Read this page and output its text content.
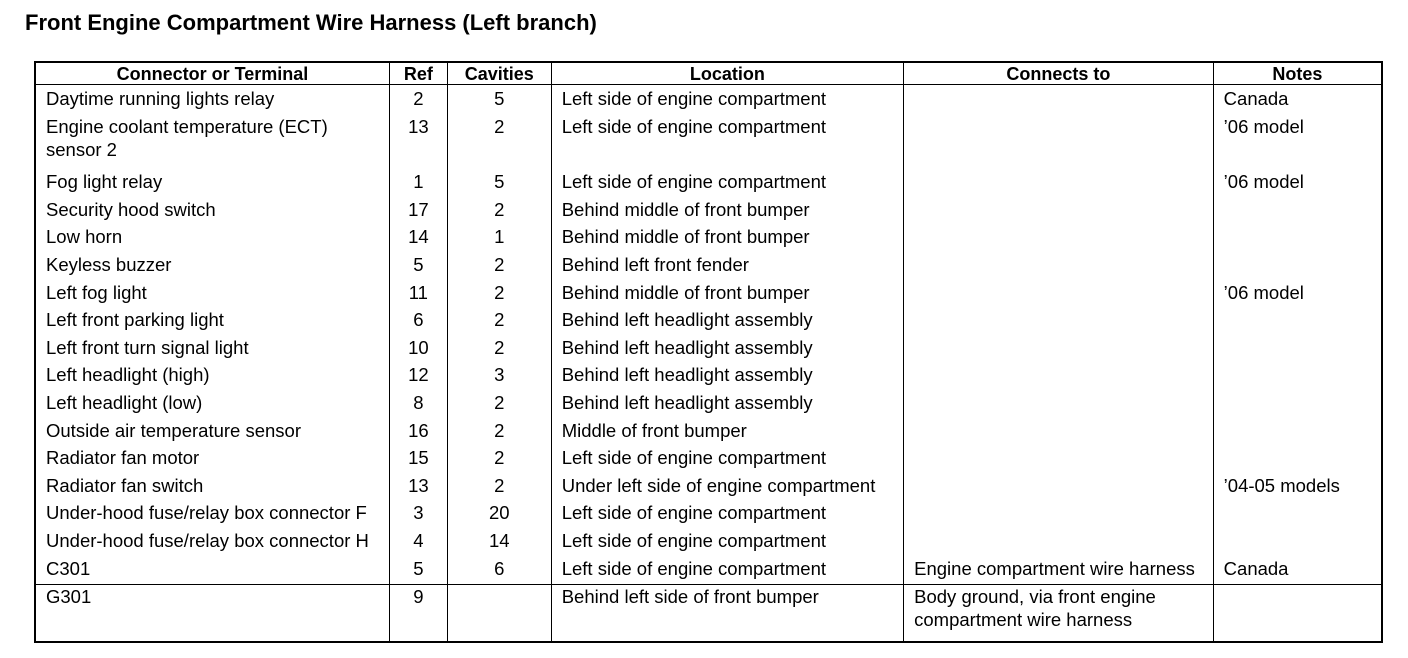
Front Engine Compartment Wire Harness (Left branch)
Connector or Terminal	Ref	Cavities	Location	Connects to	Notes
Daytime running lights relay	2	5	Left side of engine compartment		Canada
Engine coolant temperature (ECT) sensor 2	13	2	Left side of engine compartment		’06 model
Fog light relay	1	5	Left side of engine compartment		’06 model
Security hood switch	17	2	Behind middle of front bumper		
Low horn	14	1	Behind middle of front bumper		
Keyless buzzer	5	2	Behind left front fender		
Left fog light	11	2	Behind middle of front bumper		’06 model
Left front parking light	6	2	Behind left headlight assembly		
Left front turn signal light	10	2	Behind left headlight assembly		
Left headlight (high)	12	3	Behind left headlight assembly		
Left headlight (low)	8	2	Behind left headlight assembly		
Outside air temperature sensor	16	2	Middle of front bumper		
Radiator fan motor	15	2	Left side of engine compartment		
Radiator fan switch	13	2	Under left side of engine compartment		’04-05 models
Under-hood fuse/relay box connector F	3	20	Left side of engine compartment		
Under-hood fuse/relay box connector H	4	14	Left side of engine compartment		
C301	5	6	Left side of engine compartment	Engine compartment wire harness	Canada
G301	9		Behind left side of front bumper	Body ground, via front engine compartment wire harness	
